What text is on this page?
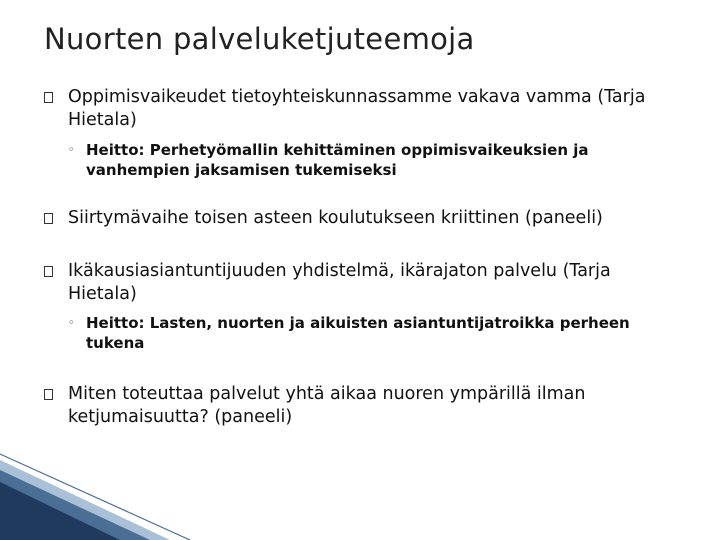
Nuorten palveluketjuteemoja
Oppimisvaikeudet tietoyhteiskunnassamme vakava vamma (Tarja Hietala)
◦ Heitto: Perhetyömallin kehittäminen oppimisvaikeuksien ja vanhempien jaksamisen tukemiseksi
Siirtymävaihe toisen asteen koulutukseen kriittinen (paneeli)
Ikäkausiasiantuntijuuden yhdistelmä, ikärajaton palvelu (Tarja Hietala)
◦ Heitto: Lasten, nuorten ja aikuisten asiantuntijatroikka perheen tukena
Miten toteuttaa palvelut yhtä aikaa nuoren ympärillä ilman ketjumaisuutta? (paneeli)
